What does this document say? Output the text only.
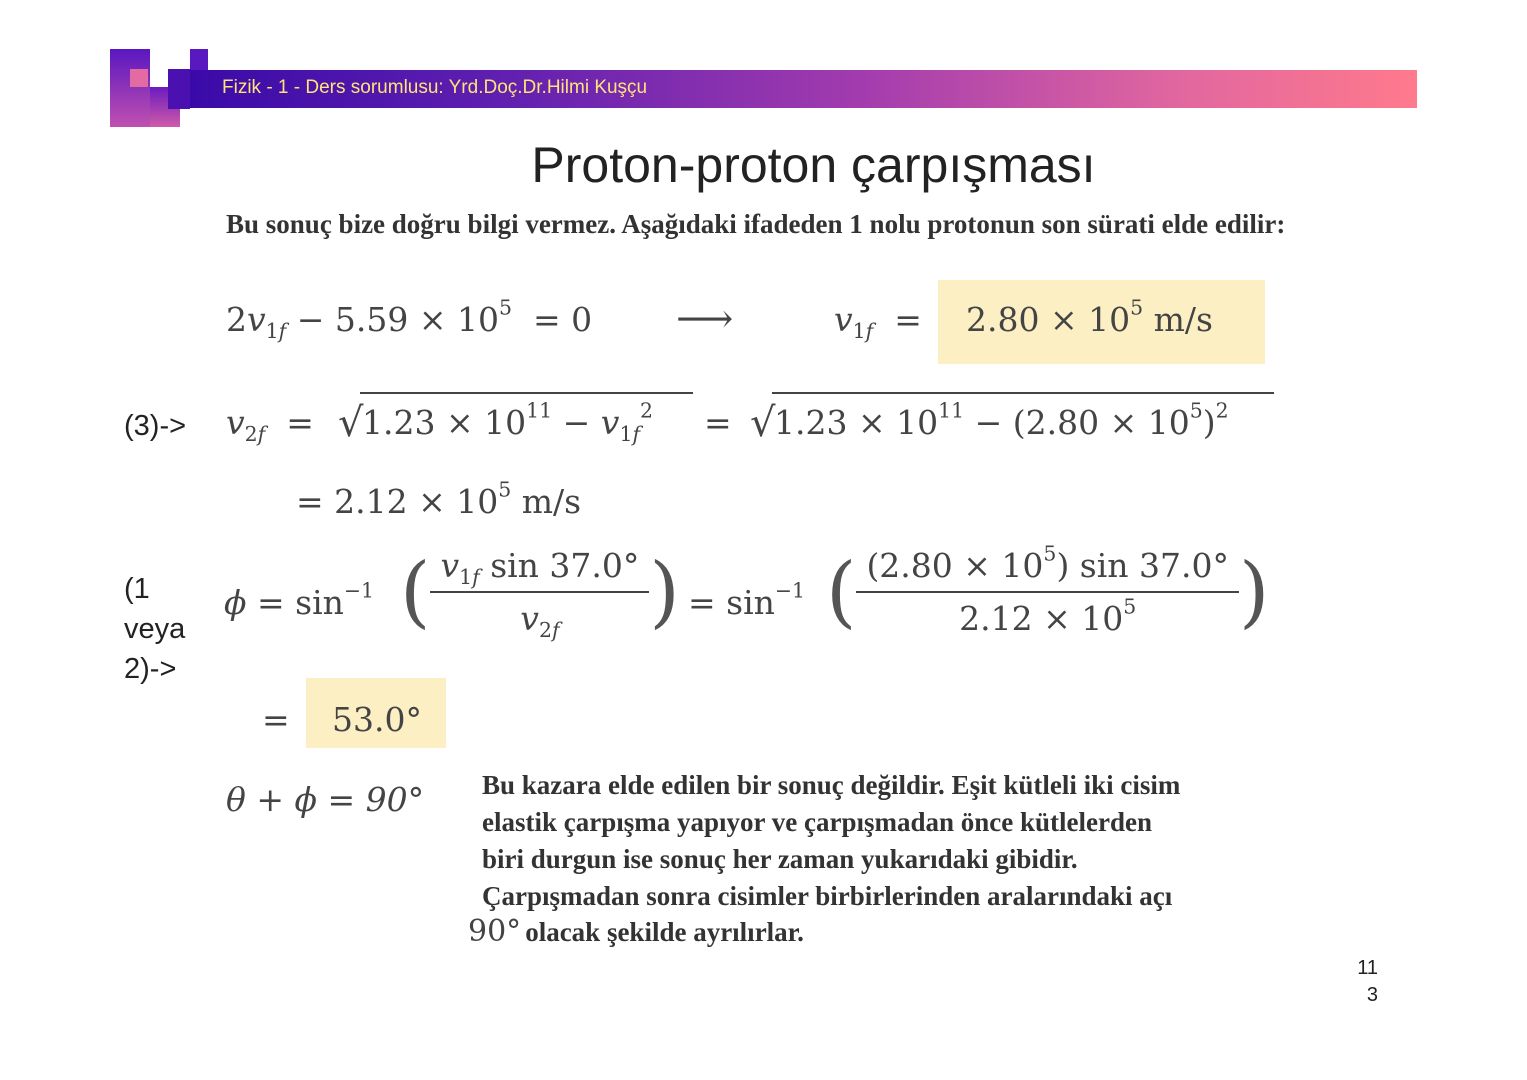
Fizik - 1 - Ders sorumlusu: Yrd.Doç.Dr.Hilmi Kuşçu
Proton-proton çarpışması
Bu sonuç bize doğru bilgi vermez. Aşağıdaki ifadeden 1 nolu protonun son sürati elde edilir:
$2v_{1f} - 5.59 \times 10^5 = 0$ ⟶	$v_{1f} = 2.80 \times 10^5$ m/s
$(3)-> v_{2f}$ = √
$1.23 \times 10^{11} - v_{1f}^2$ = √
$1.23 \times 10^{11} - (2.80 \times 10^5)^2$
= $2.12 \times 10^5$ m/s
(1
veya
2)->
$\phi = \sin^{-1}$ ( $\frac{v_{1f} \sin 37.0^\circ}{v_{2f}}$ ) = $\sin^{-1}$ ( $\frac{(2.80 \times 10^5) \sin 37.0^\circ}{2.12 \times 10^5}$ )
= 53.0°
θ + ϕ = 90° Bu kazara elde edilen bir sonuç değildir. Eşit kütleli iki cisim
elastik çarpışma yapıyor ve çarpışmadan önce kütlelerden
biri durgun ise sonuç her zaman yukarıdaki gibidir.
Çarpışmadan sonra cisimler birbirlerinden aralarındaki açı
90° olacak şekilde ayrılırlar.
11
3
